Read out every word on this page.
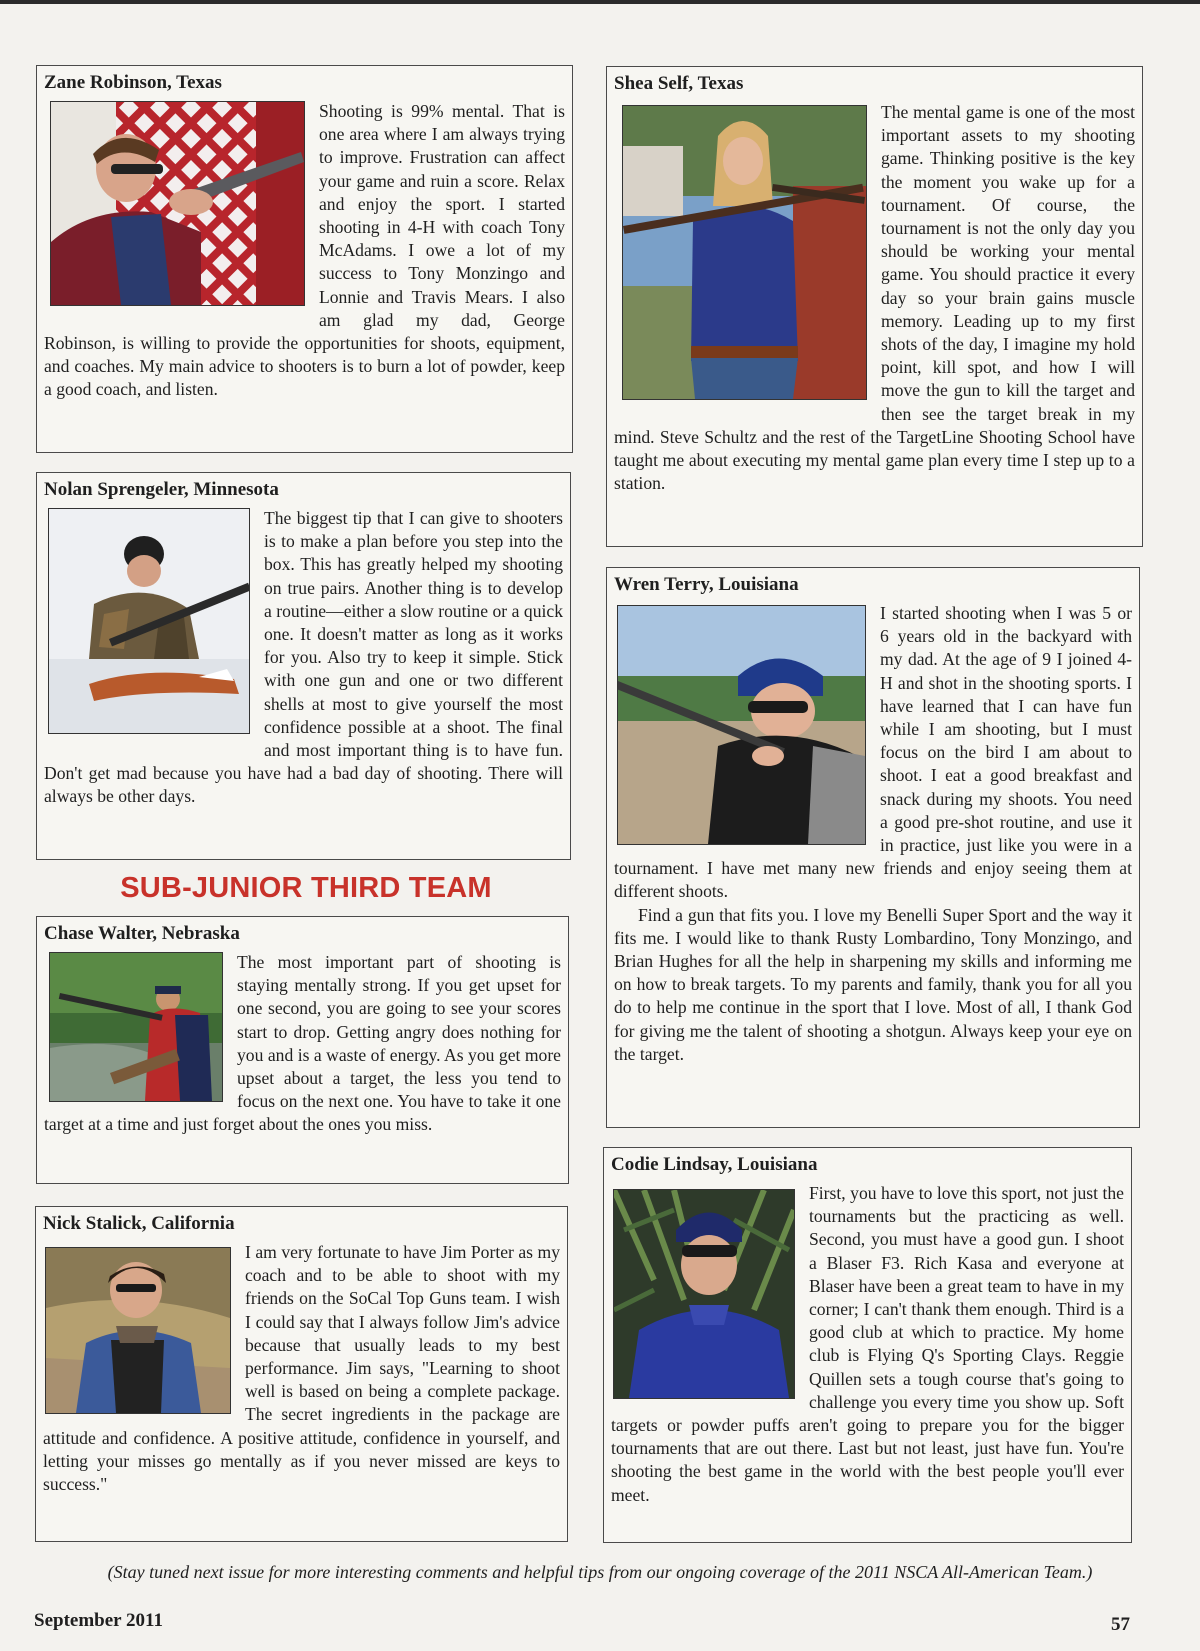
Zane Robinson, Texas

Shooting is 99% mental. That is one area where I am always trying to improve. Frustration can affect your game and ruin a score. Relax and enjoy the sport. I started shooting in 4-H with coach Tony McAdams. I owe a lot of my success to Tony Monzingo and Lonnie and Travis Mears. I also am glad my dad, George Robinson, is willing to provide the opportunities for shoots, equipment, and coaches. My main advice to shooters is to burn a lot of powder, keep a good coach, and listen.

Nolan Sprengeler, Minnesota

The biggest tip that I can give to shooters is to make a plan before you step into the box. This has greatly helped my shooting on true pairs. Another thing is to develop a routine—either a slow routine or a quick one. It doesn't matter as long as it works for you. Also try to keep it simple. Stick with one gun and one or two different shells at most to give yourself the most confidence possible at a shoot. The final and most important thing is to have fun. Don't get mad because you have had a bad day of shooting. There will always be other days.

SUB-JUNIOR THIRD TEAM
Chase Walter, Nebraska

The most important part of shooting is staying mentally strong. If you get upset for one second, you are going to see your scores start to drop. Getting angry does nothing for you and is a waste of energy. As you get more upset about a target, the less you tend to focus on the next one. You have to take it one target at a time and just forget about the ones you miss.

Nick Stalick, California

I am very fortunate to have Jim Porter as my coach and to be able to shoot with my friends on the SoCal Top Guns team. I wish I could say that I always follow Jim's advice because that usually leads to my best performance. Jim says, "Learning to shoot well is based on being a complete package. The secret ingredients in the package are attitude and confidence. A positive attitude, confidence in yourself, and letting your misses go mentally as if you never missed are keys to success."

Shea Self, Texas

The mental game is one of the most important assets to my shooting game. Thinking positive is the key the moment you wake up for a tournament. Of course, the tournament is not the only day you should be working your mental game. You should practice it every day so your brain gains muscle memory. Leading up to my first shots of the day, I imagine my hold point, kill spot, and how I will move the gun to kill the target and then see the target break in my mind. Steve Schultz and the rest of the TargetLine Shooting School have taught me about executing my mental game plan every time I step up to a station.

Wren Terry, Louisiana

I started shooting when I was 5 or 6 years old in the backyard with my dad. At the age of 9 I joined 4-H and shot in the shooting sports. I have learned that I can have fun while I am shooting, but I must focus on the bird I am about to shoot. I eat a good breakfast and snack during my shoots. You need a good pre-shot routine, and use it in practice, just like you were in a tournament. I have met many new friends and enjoy seeing them at different shoots.

Find a gun that fits you. I love my Benelli Super Sport and the way it fits me. I would like to thank Rusty Lombardino, Tony Monzingo, and Brian Hughes for all the help in sharpening my skills and informing me on how to break targets. To my parents and family, thank you for all you do to help me continue in the sport that I love. Most of all, I thank God for giving me the talent of shooting a shotgun. Always keep your eye on the target.

Codie Lindsay, Louisiana

First, you have to love this sport, not just the tournaments but the practicing as well. Second, you must have a good gun. I shoot a Blaser F3. Rich Kasa and everyone at Blaser have been a great team to have in my corner; I can't thank them enough. Third is a good club at which to practice. My home club is Flying Q's Sporting Clays. Reggie Quillen sets a tough course that's going to challenge you every time you show up. Soft targets or powder puffs aren't going to prepare you for the bigger tournaments that are out there. Last but not least, just have fun. You're shooting the best game in the world with the best people you'll ever meet.

(Stay tuned next issue for more interesting comments and helpful tips from our ongoing coverage of the 2011 NSCA All-American Team.)
September 2011	57
